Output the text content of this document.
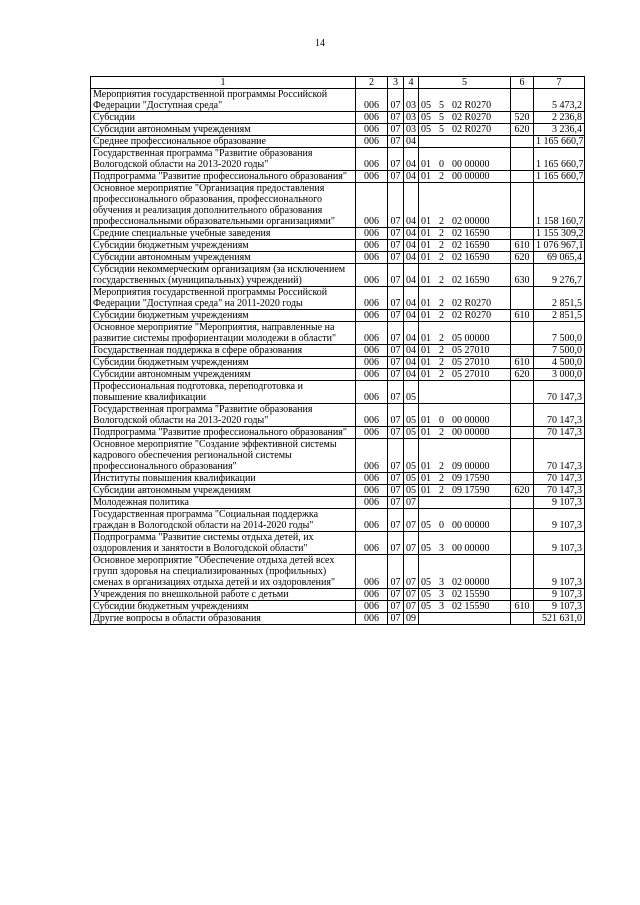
14
1	2	3	4	5	6	7
Мероприятия государственной программы Российской Федерации "Доступная среда"	006	07	03	05 5 02 R0270		5 473,2
Субсидии	006	07	03	05 5 02 R0270	520	2 236,8
Субсидии автономным учреждениям	006	07	03	05 5 02 R0270	620	3 236,4
Среднее профессиональное образование	006	07	04			1 165 660,7
Государственная программа "Развитие образования Вологодской области на 2013-2020 годы"	006	07	04	01 0 00 00000		1 165 660,7
Подпрограмма "Развитие профессионального образования"	006	07	04	01 2 00 00000		1 165 660,7
Основное мероприятие "Организация предоставления профессионального образования, профессионального обучения и реализация дополнительного образования профессиональными образовательными организациями"	006	07	04	01 2 02 00000		1 158 160,7
Средние специальные учебные заведения	006	07	04	01 2 02 16590		1 155 309,2
Субсидии бюджетным учреждениям	006	07	04	01 2 02 16590	610	1 076 967,1
Субсидии автономным учреждениям	006	07	04	01 2 02 16590	620	69 065,4
Субсидии некоммерческим организациям (за исключением государственных (муниципальных) учреждений)	006	07	04	01 2 02 16590	630	9 276,7
Мероприятия государственной программы Российской Федерации "Доступная среда" на 2011-2020 годы	006	07	04	01 2 02 R0270		2 851,5
Субсидии бюджетным учреждениям	006	07	04	01 2 02 R0270	610	2 851,5
Основное мероприятие "Мероприятия, направленные на развитие системы профориентации молодежи в области"	006	07	04	01 2 05 00000		7 500,0
Государственная поддержка в сфере образования	006	07	04	01 2 05 27010		7 500,0
Субсидии бюджетным учреждениям	006	07	04	01 2 05 27010	610	4 500,0
Субсидии автономным учреждениям	006	07	04	01 2 05 27010	620	3 000,0
Профессиональная подготовка, переподготовка и повышение квалификации	006	07	05			70 147,3
Государственная программа "Развитие образования Вологодской области на 2013-2020 годы"	006	07	05	01 0 00 00000		70 147,3
Подпрограмма "Развитие профессионального образования"	006	07	05	01 2 00 00000		70 147,3
Основное мероприятие "Создание эффективной системы кадрового обеспечения региональной системы профессионального образования"	006	07	05	01 2 09 00000		70 147,3
Институты повышения квалификации	006	07	05	01 2 09 17590		70 147,3
Субсидии автономным учреждениям	006	07	05	01 2 09 17590	620	70 147,3
Молодежная политика	006	07	07			9 107,3
Государственная программа "Социальная поддержка граждан в Вологодской области на 2014-2020 годы"	006	07	07	05 0 00 00000		9 107,3
Подпрограмма "Развитие системы отдыха детей, их оздоровления и занятости в Вологодской области"	006	07	07	05 3 00 00000		9 107,3
Основное мероприятие "Обеспечение отдыха детей всех групп здоровья на специализированных (профильных) сменах в организациях отдыха детей и их оздоровления"	006	07	07	05 3 02 00000		9 107,3
Учреждения по внешкольной работе с детьми	006	07	07	05 3 02 15590		9 107,3
Субсидии бюджетным учреждениям	006	07	07	05 3 02 15590	610	9 107,3
Другие вопросы в области образования	006	07	09			521 631,0
